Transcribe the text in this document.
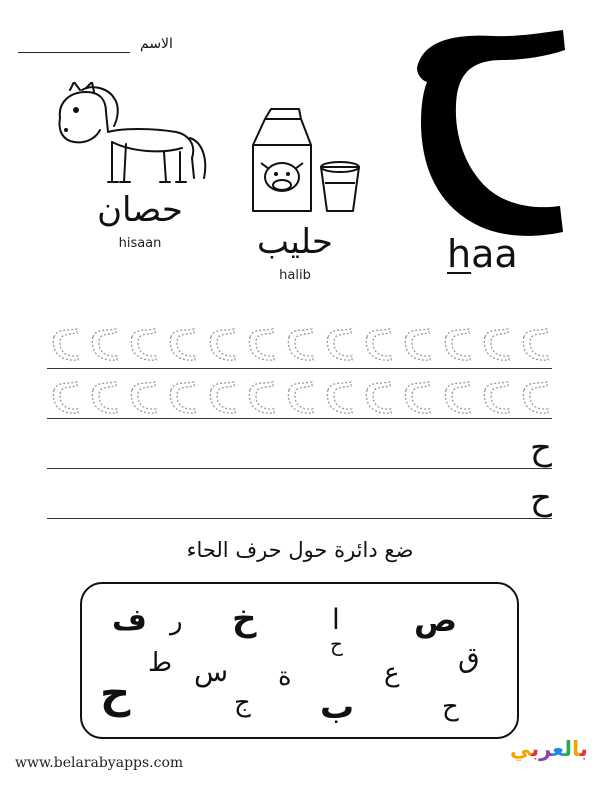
الاسم
حصان
hisaan	حليب
halib	haa
ح
ح
ضع دائرة حول حرف الحاء
ف ر خ	ا ص
ط س ة
ح
ع ق
ح	ج ب	ح
www.belarabyapps.com
بالعربي
